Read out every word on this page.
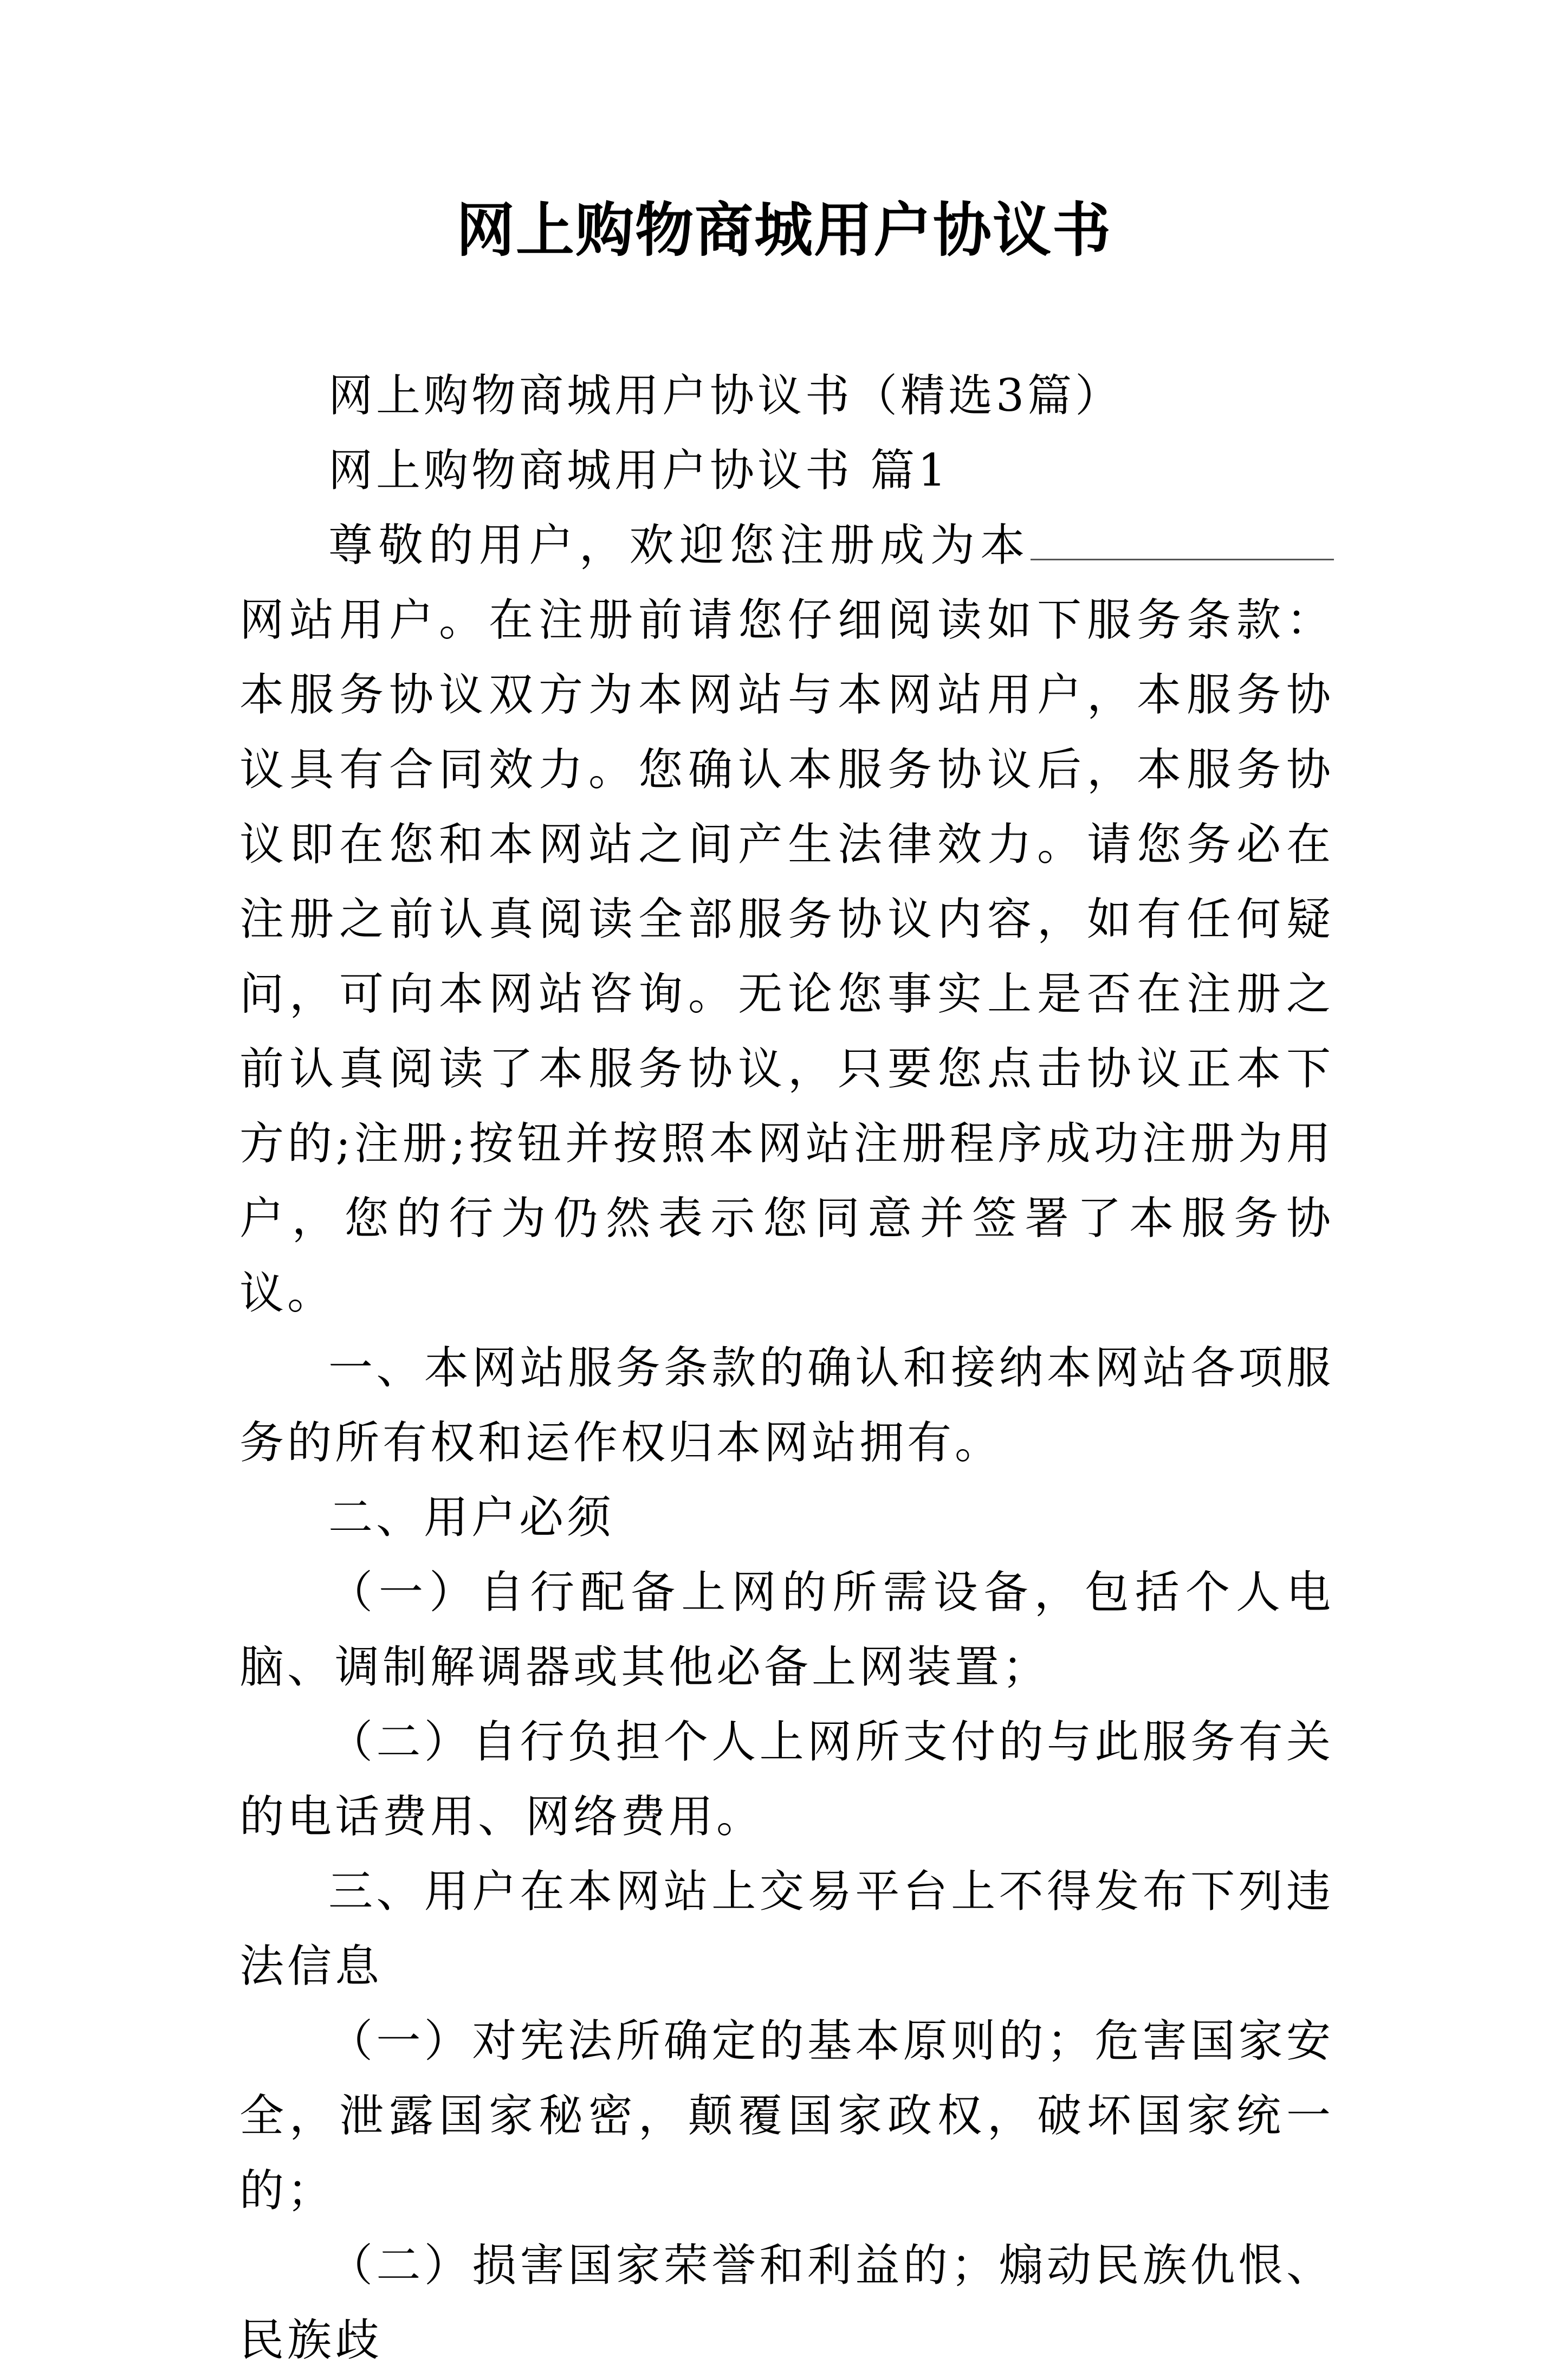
网上购物商城用户协议书

网上购物商城用户协议书（精选3篇）

网上购物商城用户协议书 篇1

尊敬的用户，欢迎您注册成为本网站用户。在注册前请您仔细阅读如下服务条款：本服务协议双方为本网站与本网站用户，本服务协议具有合同效力。您确认本服务协议后，本服务协议即在您和本网站之间产生法律效力。请您务必在注册之前认真阅读全部服务协议内容，如有任何疑问，可向本网站咨询。无论您事实上是否在注册之前认真阅读了本服务协议，只要您点击协议正本下方的;注册;按钮并按照本网站注册程序成功注册为用户，您的行为仍然表示您同意并签署了本服务协议。

一、本网站服务条款的确认和接纳本网站各项服务的所有权和运作权归本网站拥有。

二、用户必须

（一）自行配备上网的所需设备，包括个人电脑、调制解调器或其他必备上网装置；

（二）自行负担个人上网所支付的与此服务有关的电话费用、网络费用。

三、用户在本网站上交易平台上不得发布下列违法信息

（一）对宪法所确定的基本原则的；危害国家安全，泄露国家秘密，颠覆国家政权，破坏国家统一的；

（二）损害国家荣誉和利益的；煽动民族仇恨、民族歧
